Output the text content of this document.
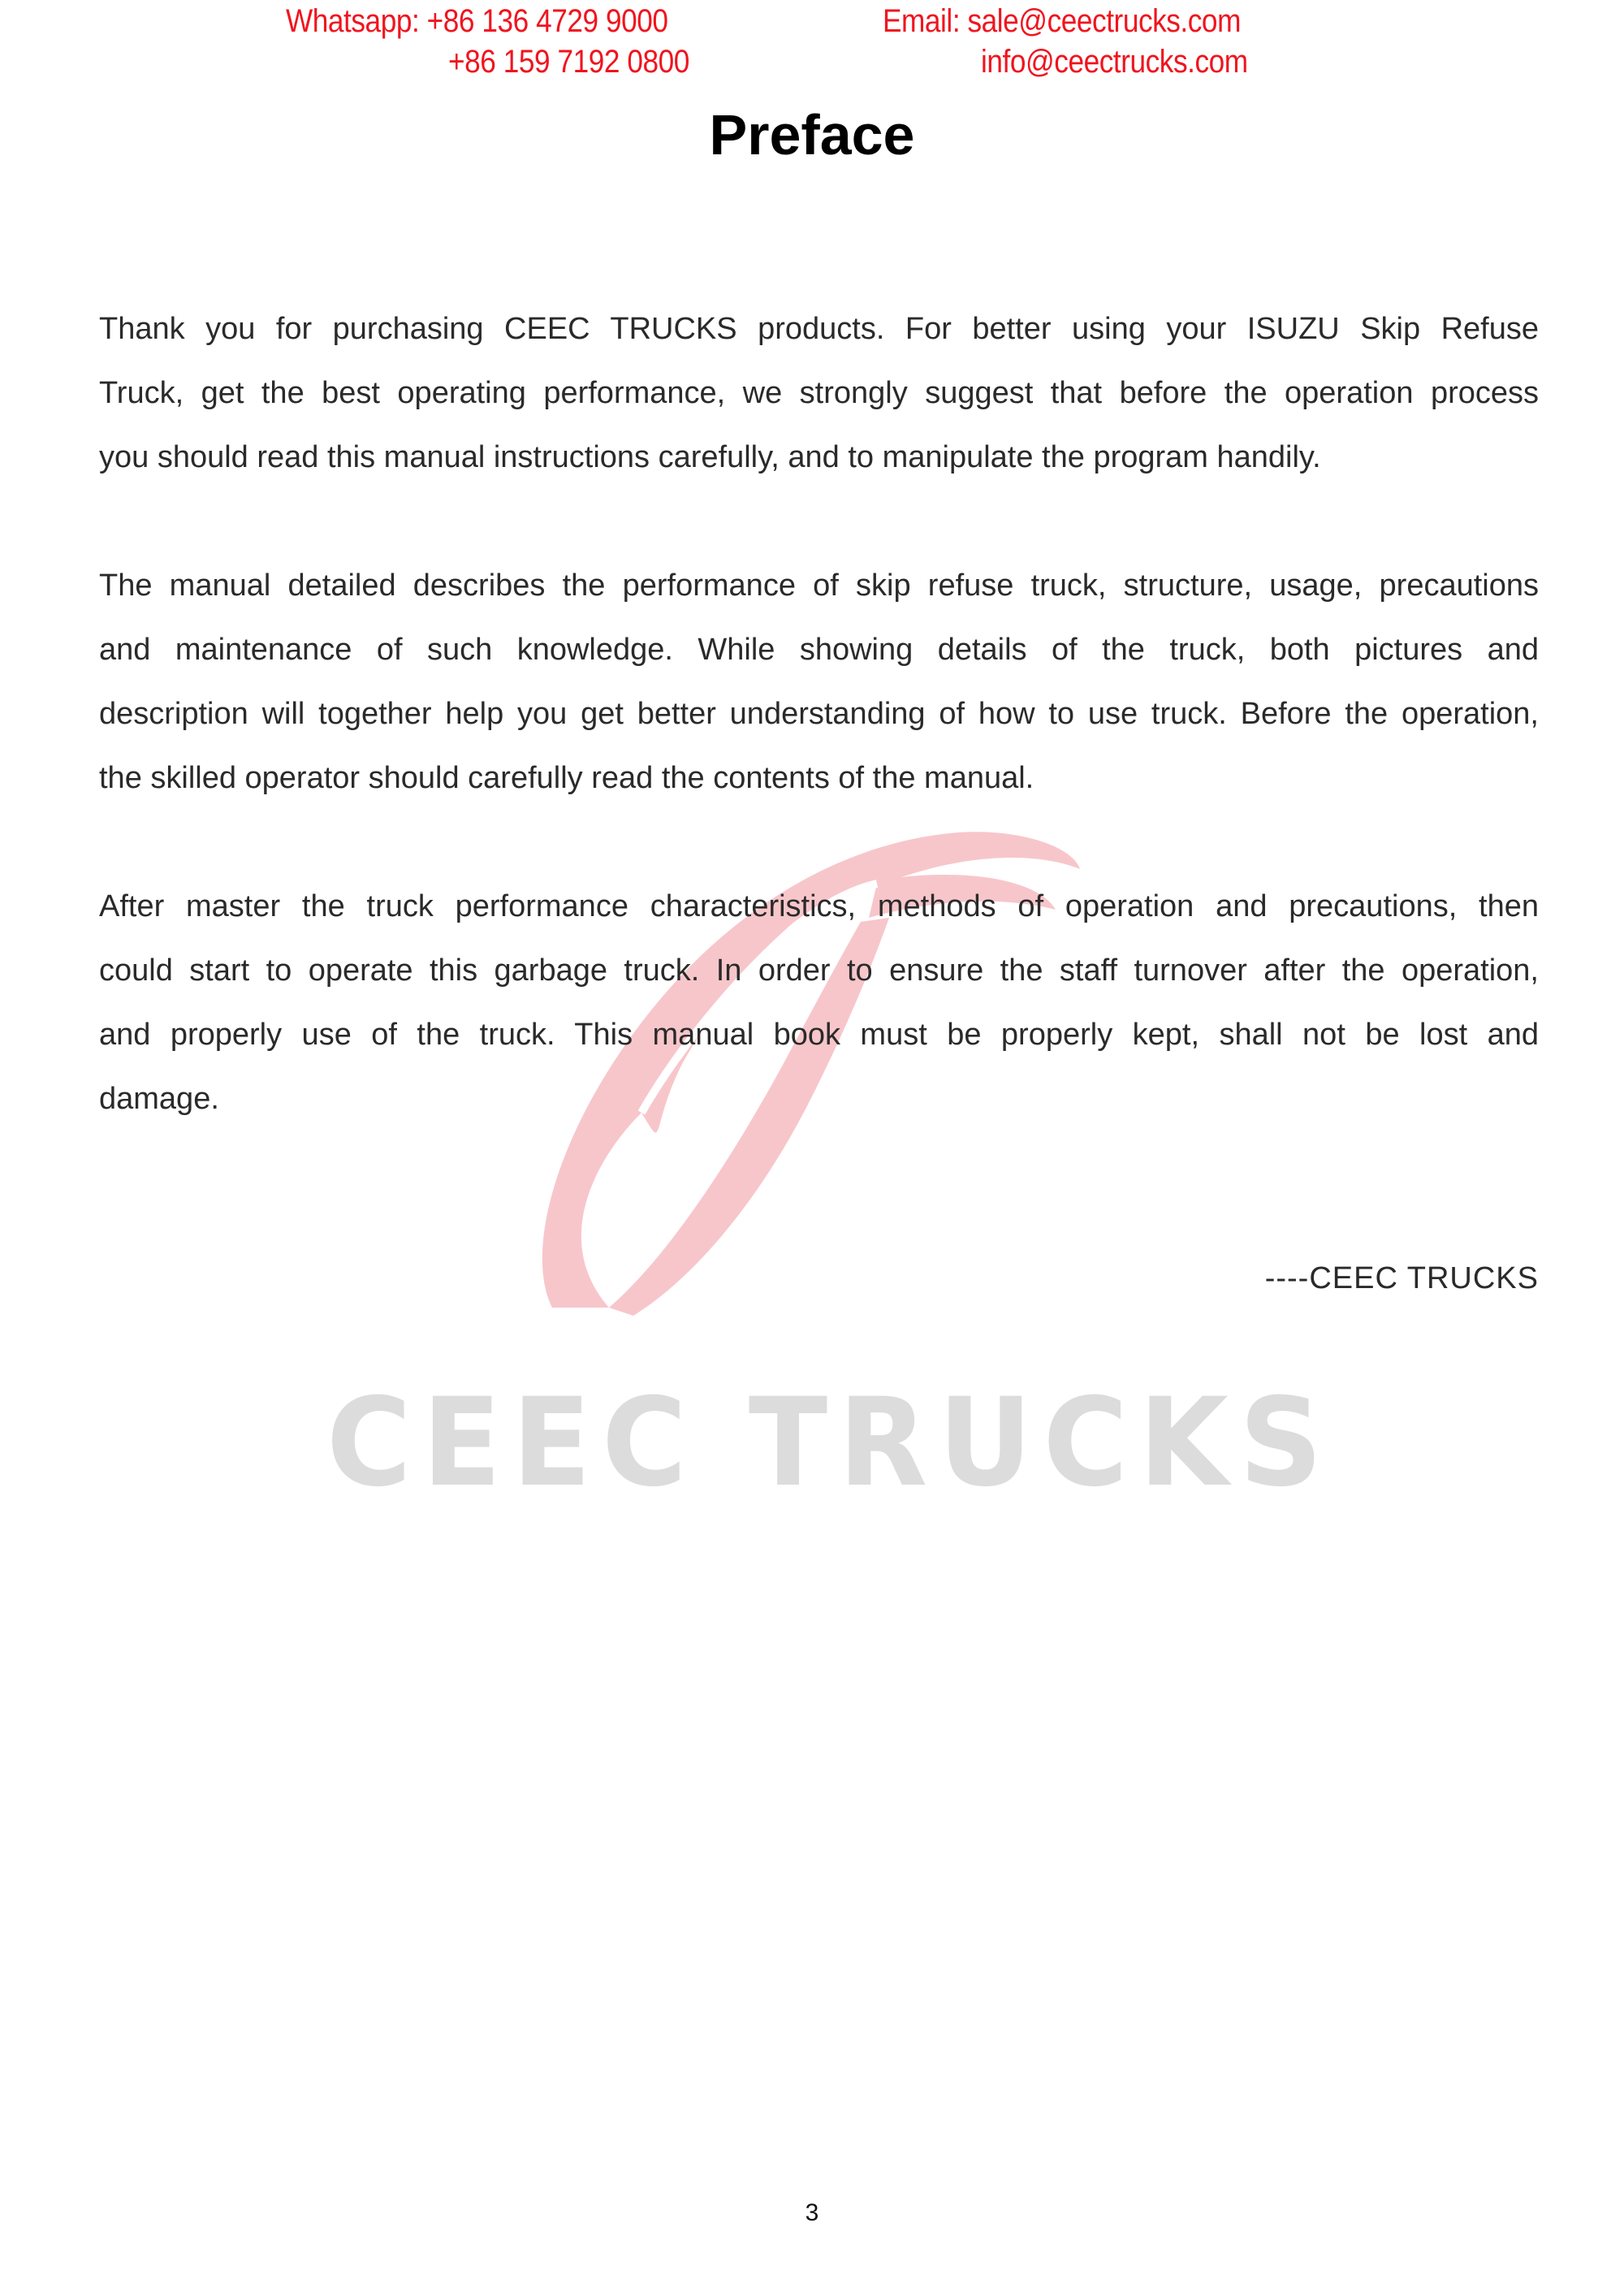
Whatsapp: +86 136 4729 9000
+86 159 7192 0800
Email: sale@ceectrucks.com
info@ceectrucks.com
Preface
CEEC TRUCKS

Thank you for purchasing CEEC TRUCKS products. For better using your ISUZU Skip Refuse
Truck, get the best operating performance, we strongly suggest that before the operation process
you should read this manual instructions carefully, and to manipulate the program handily.

The manual detailed describes the performance of skip refuse truck, structure, usage, precautions
and maintenance of such knowledge. While showing details of the truck, both pictures and
description will together help you get better understanding of how to use truck. Before the operation,
the skilled operator should carefully read the contents of the manual.

After master the truck performance characteristics, methods of operation and precautions, then
could start to operate this garbage truck. In order to ensure the staff turnover after the operation,
and properly use of the truck. This manual book must be properly kept, shall not be lost and
damage.

----CEEC TRUCKS
3
